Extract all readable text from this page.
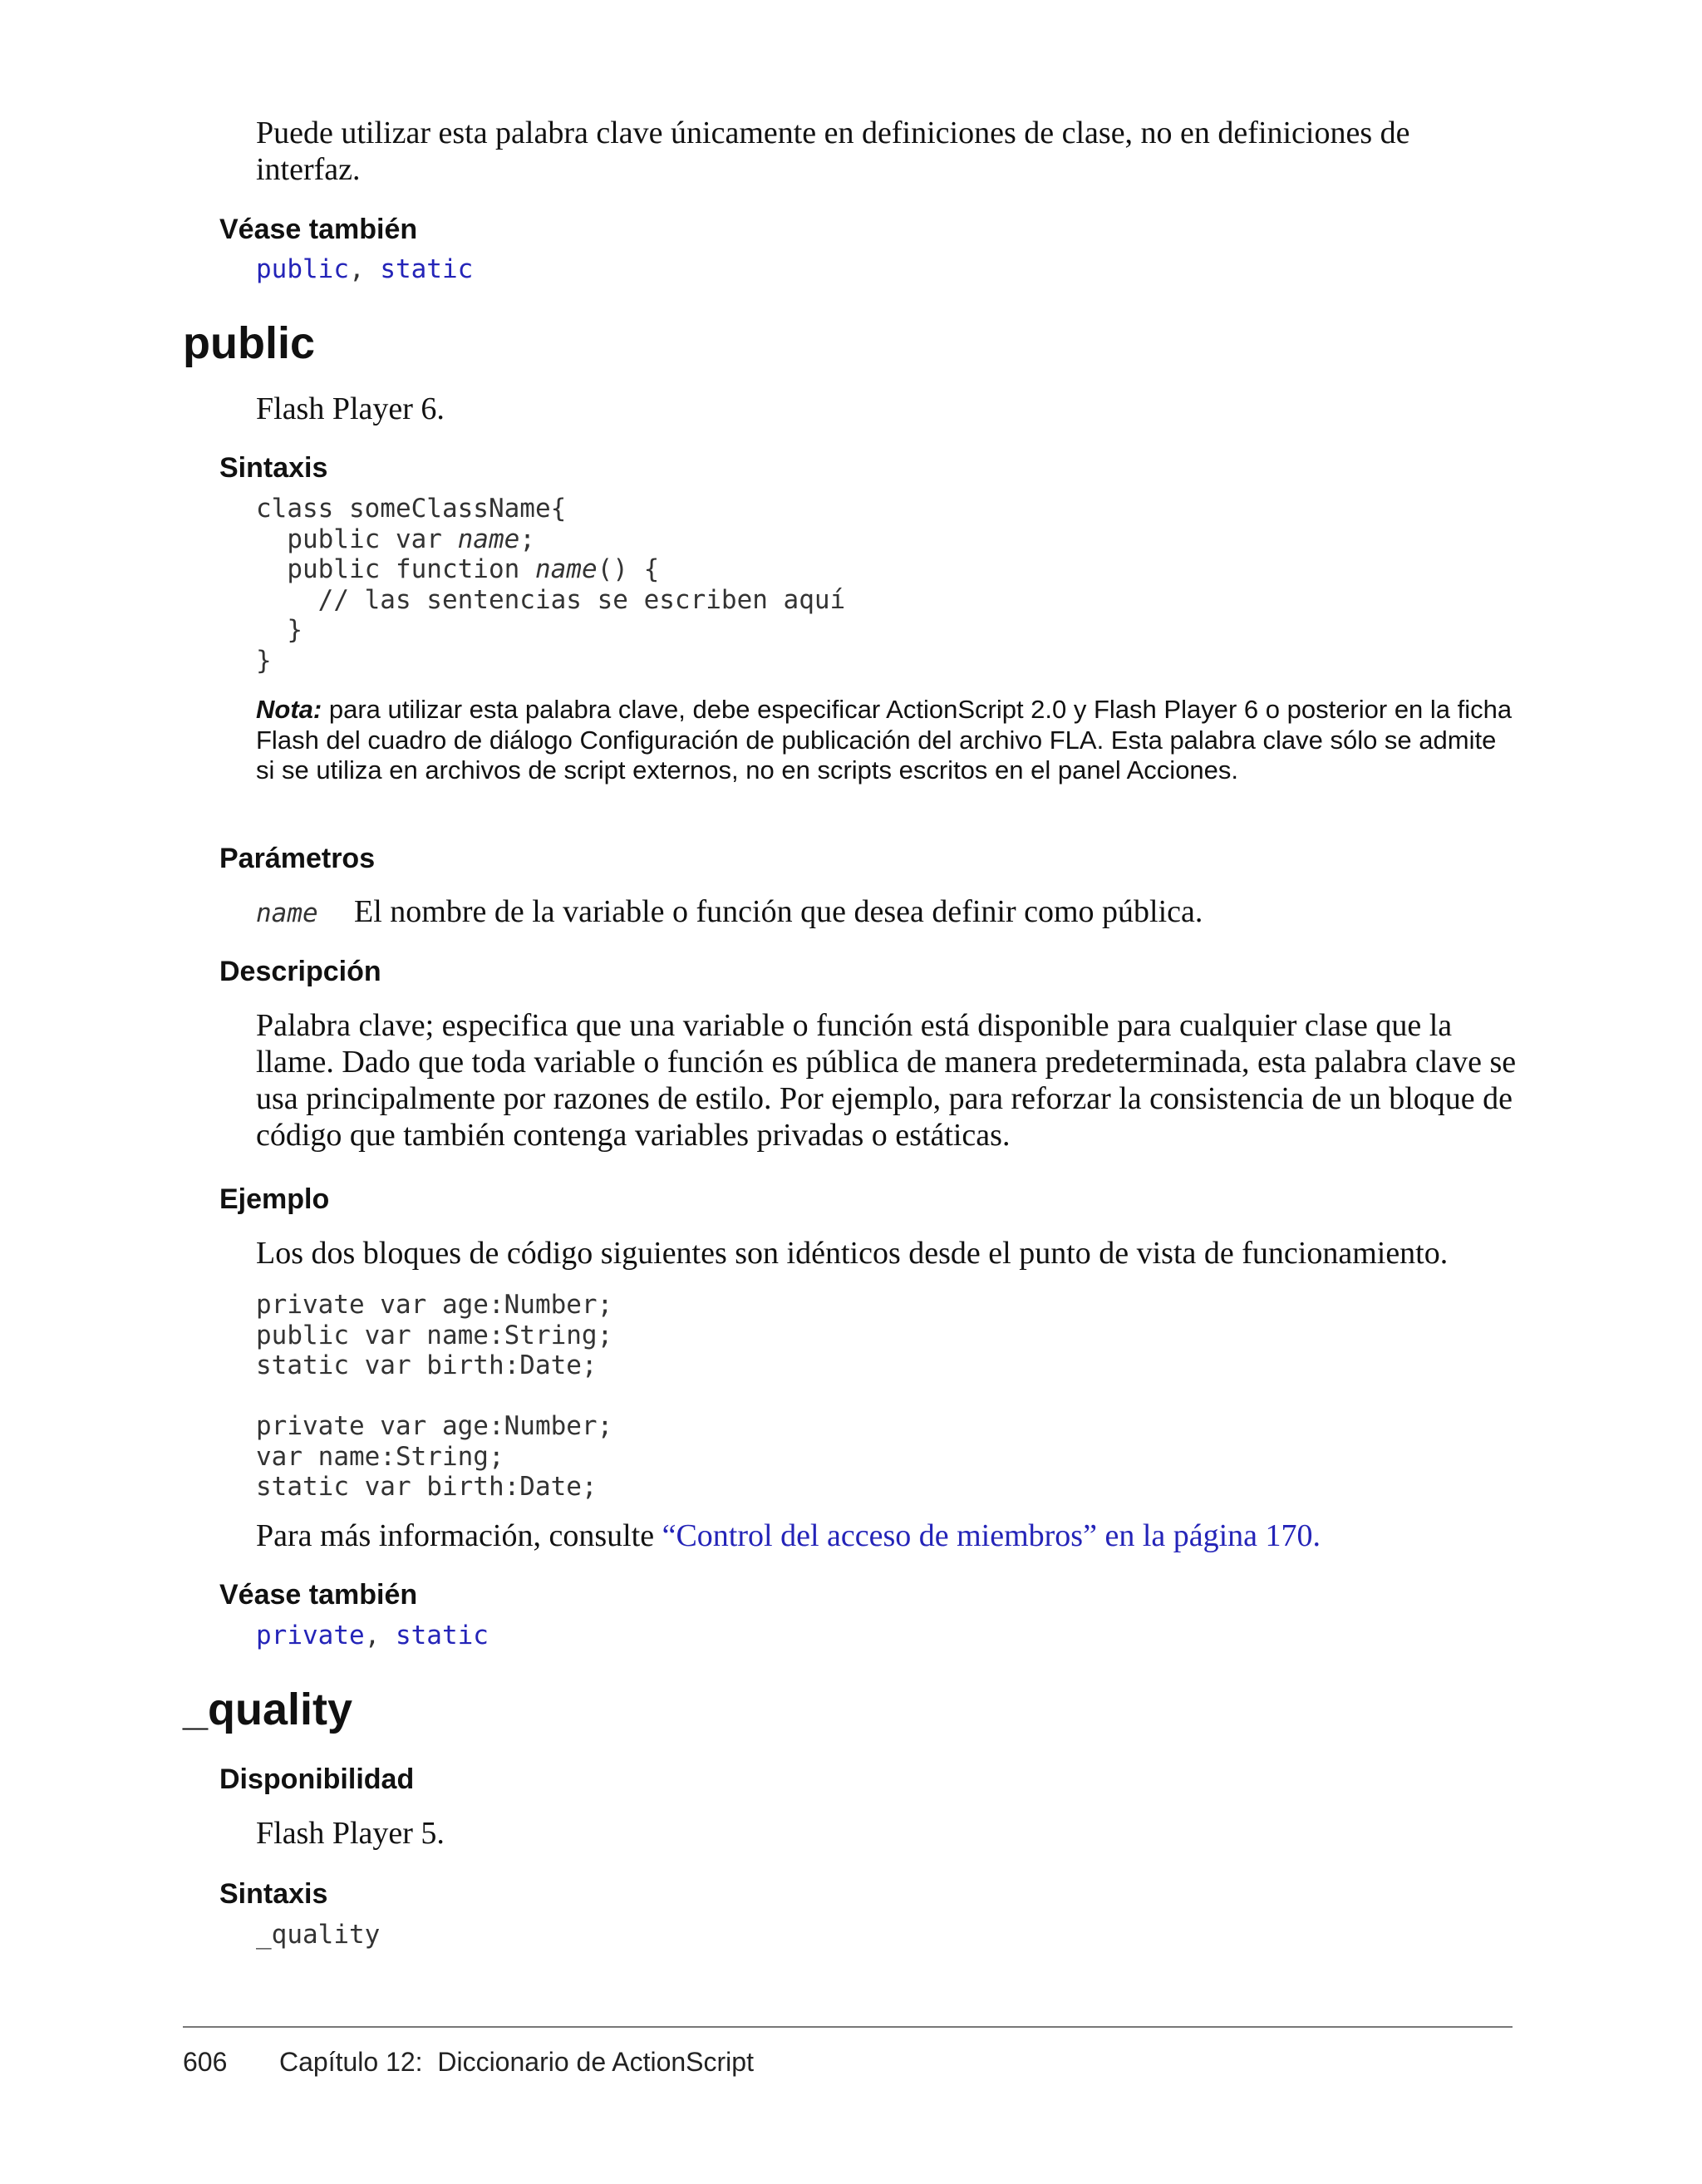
Puede utilizar esta palabra clave únicamente en definiciones de clase, no en definiciones de interfaz.

Véase también

public, static

public

Flash Player 6.

Sintaxis

class someClassName{
public var name;
public function name() {
// las sentencias se escriben aquí
}
}

Nota: para utilizar esta palabra clave, debe especificar ActionScript 2.0 y Flash Player 6 o posterior en la ficha Flash del cuadro de diálogo Configuración de publicación del archivo FLA. Esta palabra clave sólo se admite si se utiliza en archivos de script externos, no en scripts escritos en el panel Acciones.

Parámetros

name El nombre de la variable o función que desea definir como pública.

Descripción

Palabra clave; especifica que una variable o función está disponible para cualquier clase que la llame. Dado que toda variable o función es pública de manera predeterminada, esta palabra clave se usa principalmente por razones de estilo. Por ejemplo, para reforzar la consistencia de un bloque de código que también contenga variables privadas o estáticas.

Ejemplo

Los dos bloques de código siguientes son idénticos desde el punto de vista de funcionamiento.

private var age:Number;
public var name:String;
static var birth:Date;
private var age:Number;
var name:String;
static var birth:Date;

Para más información, consulte “Control del acceso de miembros” en la página 170.

Véase también

private, static

_quality

Disponibilidad

Flash Player 5.

Sintaxis

_quality
606 Capítulo 12:  Diccionario de ActionScript
